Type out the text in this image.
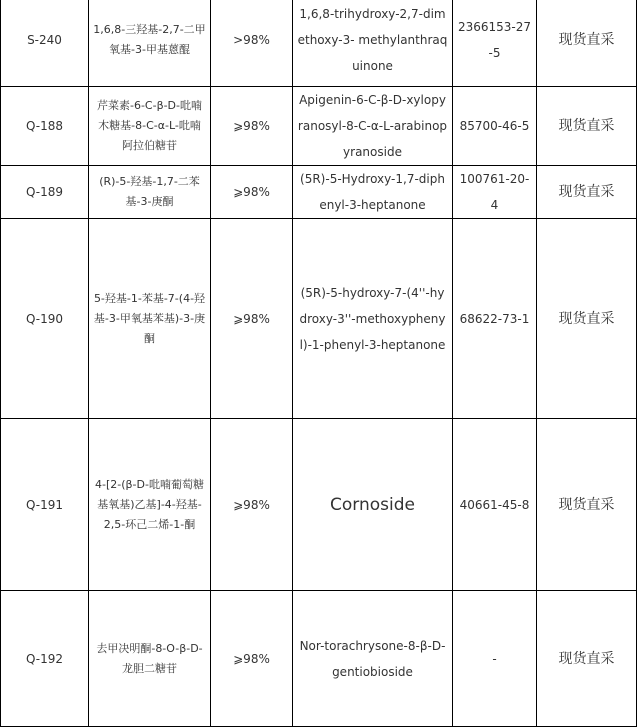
S-240	1,6,8-三羟基-2,7-二甲氧基-3-甲基蒽醌	>98%	1,6,8-trihydroxy-2,7-dimethoxy-3- methylanthraquinone	2366153-27-5	现货直采
Q-188	芹菜素-6-C-β-D-吡喃木糖基-8-C-α-L-吡喃阿拉伯糖苷	⩾98%	Apigenin-6-C-β-D-xylopyranosyl-8-C-α-L-arabinopyranoside	85700-46-5	现货直采
Q-189	(R)-5-羟基-1,7-二苯基-3-庚酮	⩾98%	(5R)-5-Hydroxy-1,7-diphenyl-3-heptanone	100761-20-4	现货直采
Q-190	5-羟基-1-苯基-7-(4-羟基-3-甲氧基苯基)-3-庚酮	⩾98%	(5R)-5-hydroxy-7-(4''-hydroxy-3''-methoxyphenyl)-1-phenyl-3-heptanone	68622-73-1	现货直采
Q-191	4-[2-(β-D-吡喃葡萄糖基氧基)乙基]-4-羟基-2,5-环己二烯-1-酮	⩾98%	Cornoside	40661-45-8	现货直采
Q-192	去甲决明酮-8-O-β-D-龙胆二糖苷	⩾98%	Nor-torachrysone-8-β-D-gentiobioside	-	现货直采
